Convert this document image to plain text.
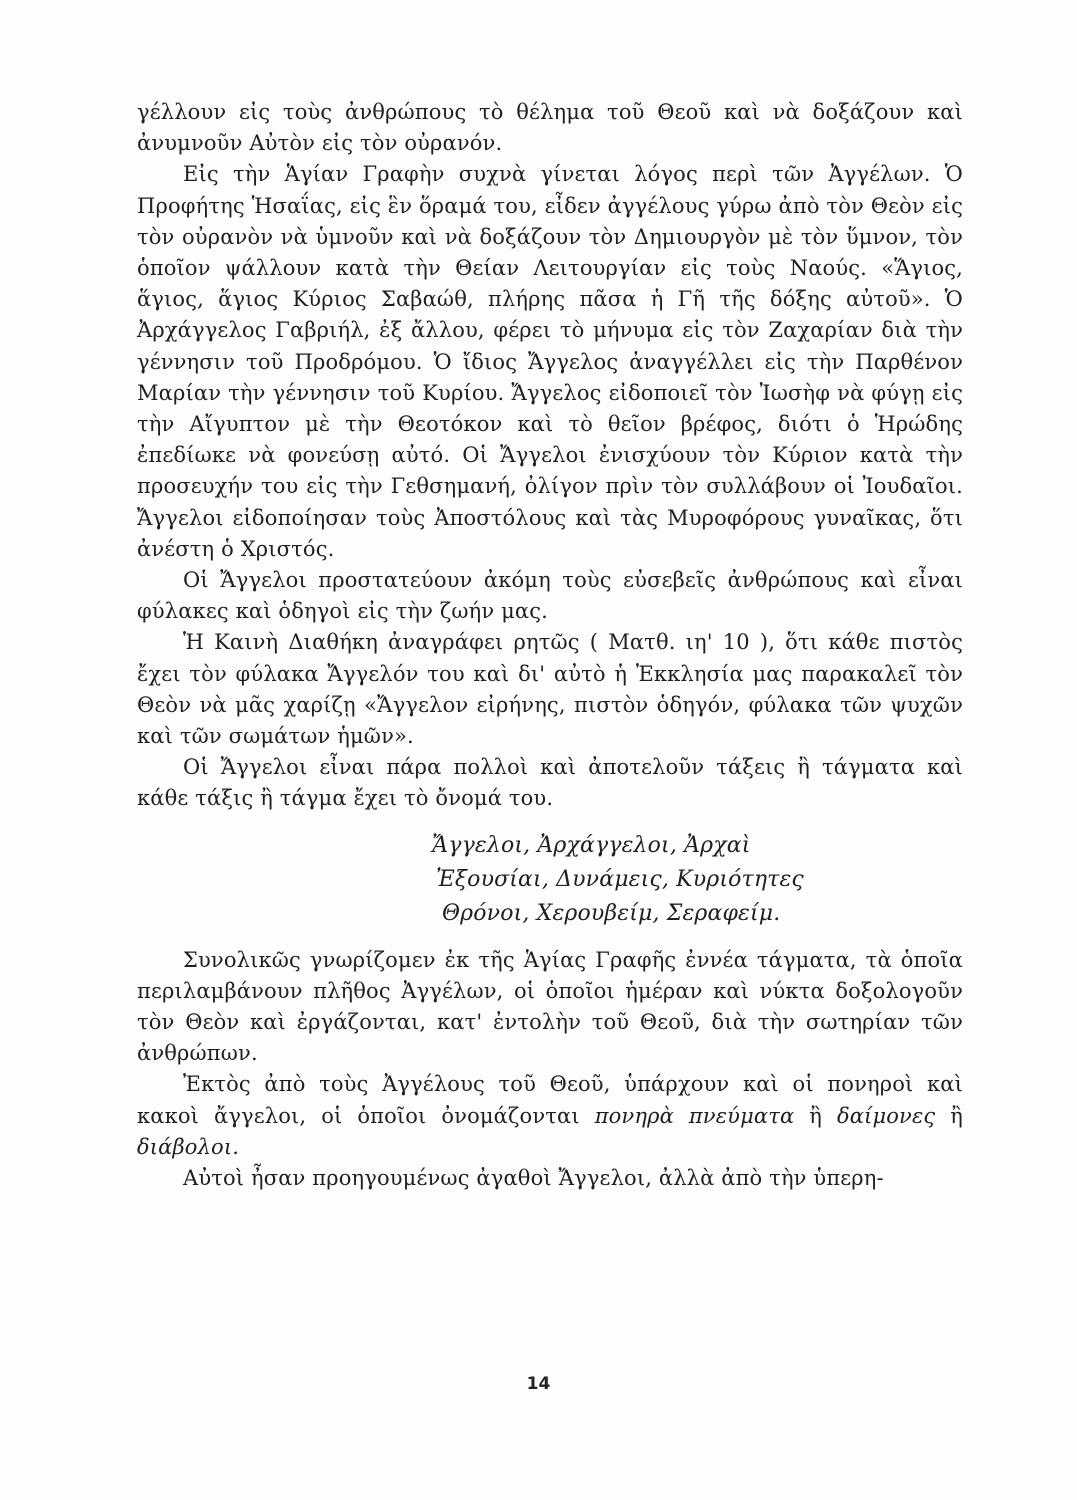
γέλλουν εἰς τοὺς ἀνθρώπους τὸ θέλημα τοῦ Θεοῦ καὶ νὰ δοξάζουν καὶ ἀνυμνοῦν Αὐτὸν εἰς τὸν οὐρανόν.

Εἰς τὴν Ἁγίαν Γραφὴν συχνὰ γίνεται λόγος περὶ τῶν Ἀγγέλων. Ὁ Προφήτης Ἡσαΐας, εἰς ἓν ὅραμά του, εἶδεν ἀγγέλους γύρω ἀπὸ τὸν Θεὸν εἰς τὸν οὐρανὸν νὰ ὑμνοῦν καὶ νὰ δοξάζουν τὸν Δημιουργὸν μὲ τὸν ὕμνον, τὸν ὁποῖον ψάλλουν κατὰ τὴν Θείαν Λειτουργίαν εἰς τοὺς Ναούς. «Ἅγιος, ἅγιος, ἅγιος Κύριος Σαβαώθ, πλήρης πᾶσα ἡ Γῆ τῆς δόξης αὐτοῦ». Ὁ Ἀρχάγγελος Γαβριήλ, ἐξ ἄλλου, φέρει τὸ μήνυμα εἰς τὸν Ζαχαρίαν διὰ τὴν γέννησιν τοῦ Προδρόμου. Ὁ ἴδιος Ἄγγελος ἀναγγέλλει εἰς τὴν Παρθένον Μαρίαν τὴν γέννησιν τοῦ Κυρίου. Ἄγγελος εἰδοποιεῖ τὸν Ἰωσὴφ νὰ φύγῃ εἰς τὴν Αἴγυπτον μὲ τὴν Θεοτόκον καὶ τὸ θεῖον βρέφος, διότι ὁ Ἡρώδης ἐπεδίωκε νὰ φονεύσῃ αὐτό. Οἱ Ἄγγελοι ἐνισχύουν τὸν Κύριον κατὰ τὴν προσευχήν του εἰς τὴν Γεθσημανή, ὀλίγον πρὶν τὸν συλλάβουν οἱ Ἰουδαῖοι. Ἄγγελοι εἰδοποίησαν τοὺς Ἀποστόλους καὶ τὰς Μυροφόρους γυναῖκας, ὅτι ἀνέστη ὁ Χριστός.

Οἱ Ἄγγελοι προστατεύουν ἀκόμη τοὺς εὐσεβεῖς ἀνθρώπους καὶ εἶναι φύλακες καὶ ὁδηγοὶ εἰς τὴν ζωήν μας.

Ἡ Καινὴ Διαθήκη ἀναγράφει ρητῶς ( Ματθ. ιη' 10 ), ὅτι κάθε πιστὸς ἔχει τὸν φύλακα Ἄγγελόν του καὶ δι' αὐτὸ ἡ Ἐκκλησία μας παρακαλεῖ τὸν Θεὸν νὰ μᾶς χαρίζῃ «Ἄγγελον εἰρήνης, πιστὸν ὁδηγόν, φύλακα τῶν ψυχῶν καὶ τῶν σωμάτων ἡμῶν».

Οἱ Ἄγγελοι εἶναι πάρα πολλοὶ καὶ ἀποτελοῦν τάξεις ἢ τάγματα καὶ κάθε τάξις ἢ τάγμα ἔχει τὸ ὄνομά του.

Ἄγγελοι, Ἀρχάγγελοι, Ἀρχαὶ
Ἐξουσίαι, Δυνάμεις, Κυριότητες
Θρόνοι, Χερουβείμ, Σεραφείμ.

Συνολικῶς γνωρίζομεν ἐκ τῆς Ἁγίας Γραφῆς ἐννέα τάγματα, τὰ ὁποῖα περιλαμβάνουν πλῆθος Ἀγγέλων, οἱ ὁποῖοι ἡμέραν καὶ νύκτα δοξολογοῦν τὸν Θεὸν καὶ ἐργάζονται, κατ' ἐντολὴν τοῦ Θεοῦ, διὰ τὴν σωτηρίαν τῶν ἀνθρώπων.

Ἐκτὸς ἀπὸ τοὺς Ἀγγέλους τοῦ Θεοῦ, ὑπάρχουν καὶ οἱ πονηροὶ καὶ κακοὶ ἄγγελοι, οἱ ὁποῖοι ὀνομάζονται πονηρὰ πνεύματα ἢ δαίμονες ἢ διάβολοι.

Αὐτοὶ ἦσαν προηγουμένως ἀγαθοὶ Ἄγγελοι, ἀλλὰ ἀπὸ τὴν ὑπερη-

14
